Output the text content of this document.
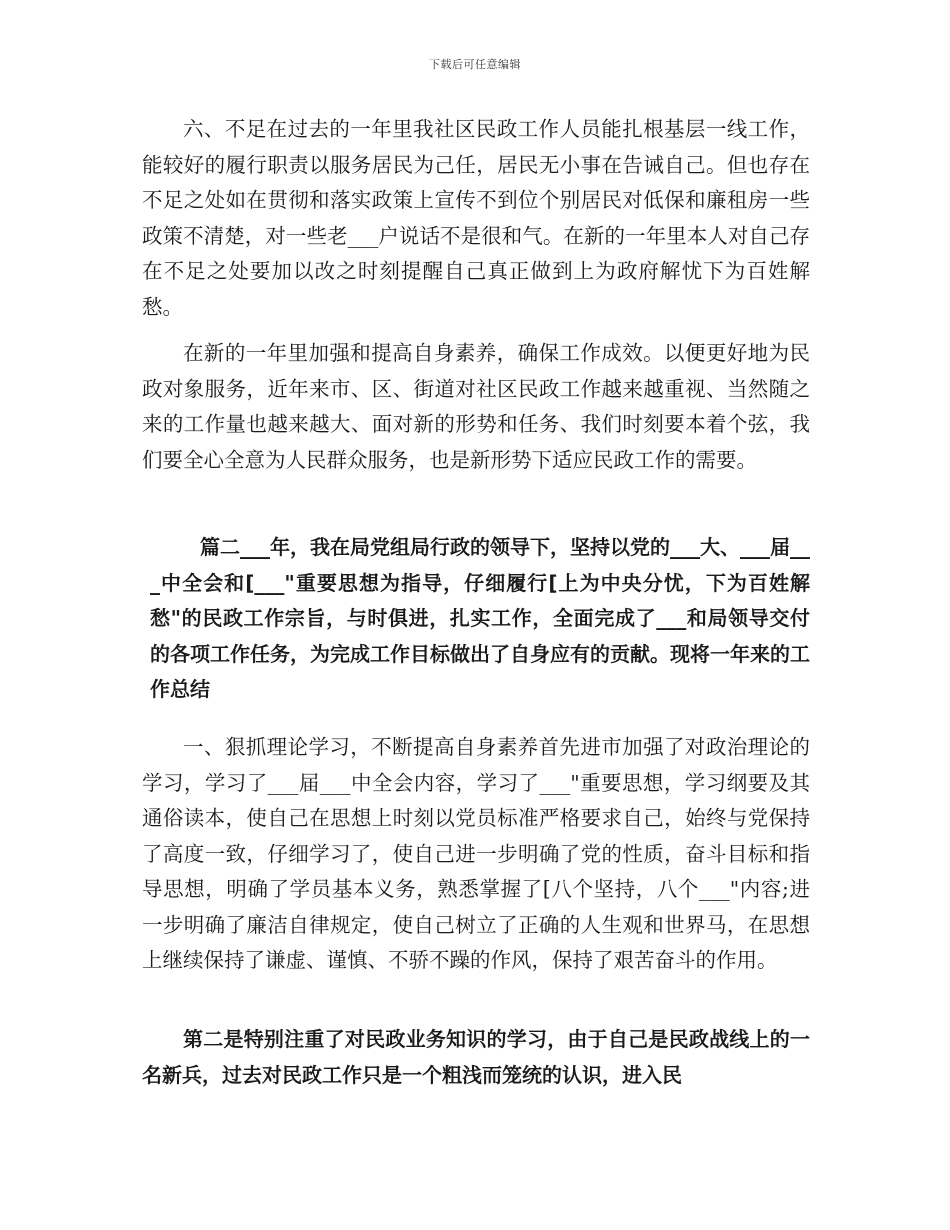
下载后可任意编辑

六、不足在过去的一年里我社区民政工作人员能扎根基层一线工作，能较好的履行职责以服务居民为己任，居民无小事在告诫自己。但也存在不足之处如在贯彻和落实政策上宣传不到位个别居民对低保和廉租房一些政策不清楚，对一些老___户说话不是很和气。在新的一年里本人对自己存在不足之处要加以改之时刻提醒自己真正做到上为政府解忧下为百姓解愁。

在新的一年里加强和提高自身素养，确保工作成效。以便更好地为民政对象服务，近年来市、区、街道对社区民政工作越来越重视、当然随之来的工作量也越来越大、面对新的形势和任务、我们时刻要本着个弦，我们要全心全意为人民群众服务，也是新形势下适应民政工作的需要。

篇二___年，我在局党组局行政的领导下，坚持以党的___大、___届___中全会和[___"重要思想为指导，仔细履行[上为中央分忧，下为百姓解愁"的民政工作宗旨，与时俱进，扎实工作，全面完成了___和局领导交付的各项工作任务，为完成工作目标做出了自身应有的贡献。现将一年来的工作总结

一、狠抓理论学习，不断提高自身素养首先进市加强了对政治理论的学习，学习了___届___中全会内容，学习了___"重要思想，学习纲要及其通俗读本，使自己在思想上时刻以党员标准严格要求自己，始终与党保持了高度一致，仔细学习了，使自己进一步明确了党的性质，奋斗目标和指导思想，明确了学员基本义务，熟悉掌握了[八个坚持，八个___"内容;进一步明确了廉洁自律规定，使自己树立了正确的人生观和世界马，在思想上继续保持了谦虚、谨慎、不骄不躁的作风，保持了艰苦奋斗的作用。

第二是特别注重了对民政业务知识的学习，由于自己是民政战线上的一名新兵，过去对民政工作只是一个粗浅而笼统的认识，进入民
